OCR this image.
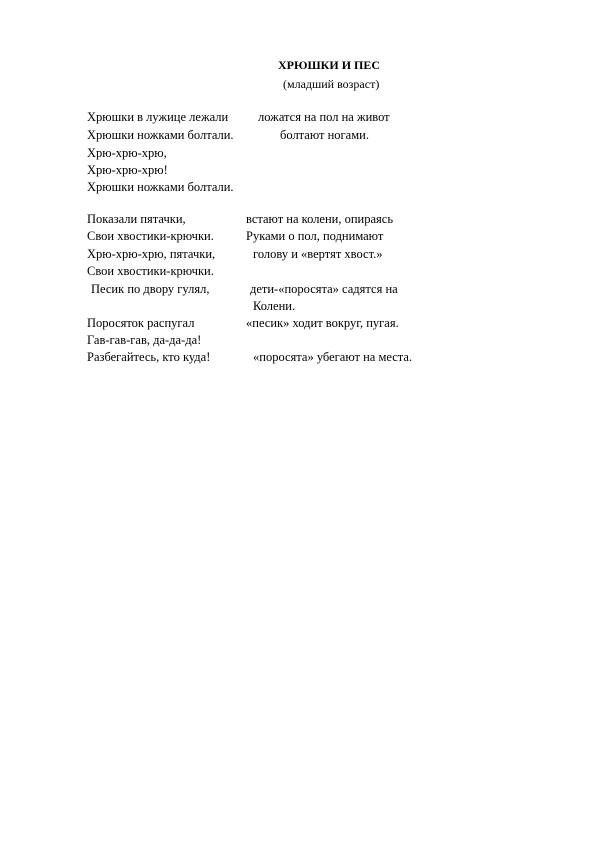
ХРЮШКИ И ПЕС
(младший возраст)
Хрюшки в лужице лежали
Хрюшки ножками болтали.
Хрю-хрю-хрю,
Хрю-хрю-хрю!
Хрюшки ножками болтали.
ложатся на пол на живот
болтают ногами.
Показали пятачки,
Свои хвостики-крючки.
Хрю-хрю-хрю, пятачки,
Свои хвостики-крючки.
Песик по двору гулял,
Поросяток распугал
Гав-гав-гав, да-да-да!
Разбегайтесь, кто куда!
встают на колени, опираясь
Руками о пол, поднимают
голову и «вертят хвост.»
дети-«поросята» садятся на
Колени.
«песик» ходит вокруг, пугая.
«поросята» убегают на места.
